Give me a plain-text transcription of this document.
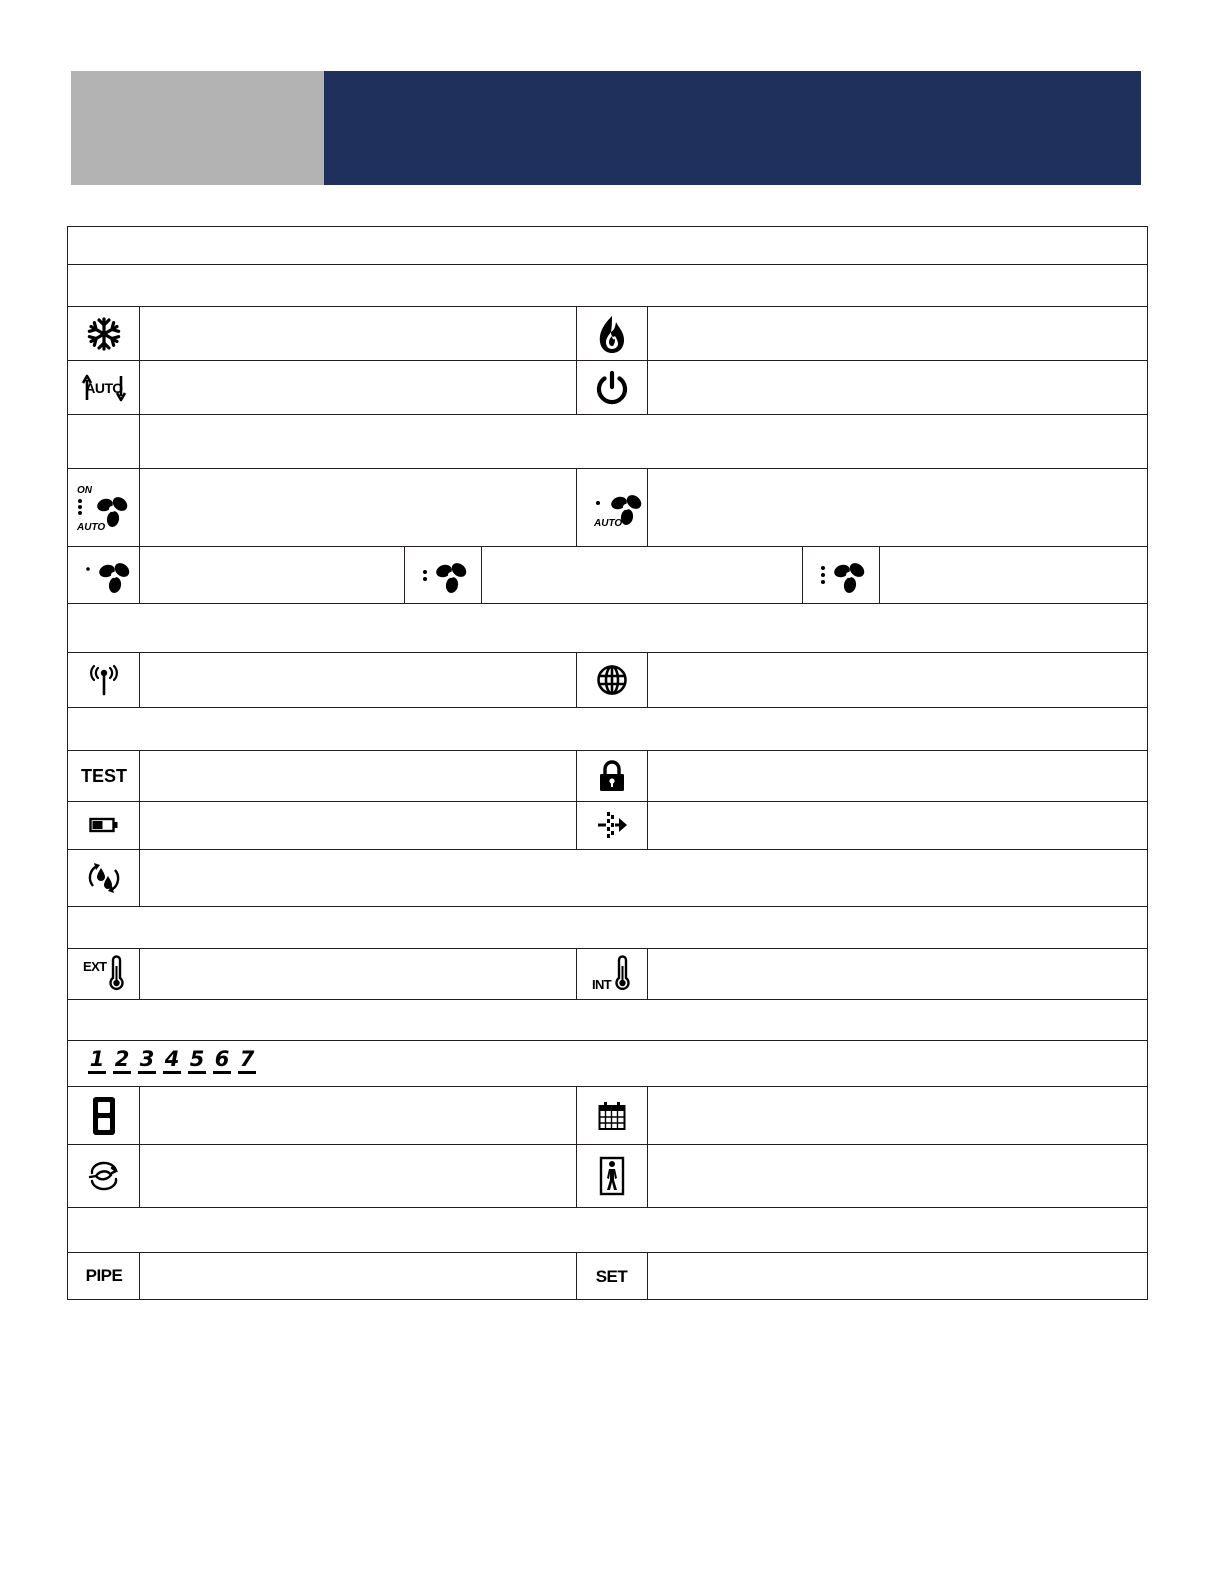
AUTO
ON
AUTO	AUTO
TEST
EXT
INT
1 2 3 4 5 6 7
PIPE	SET
